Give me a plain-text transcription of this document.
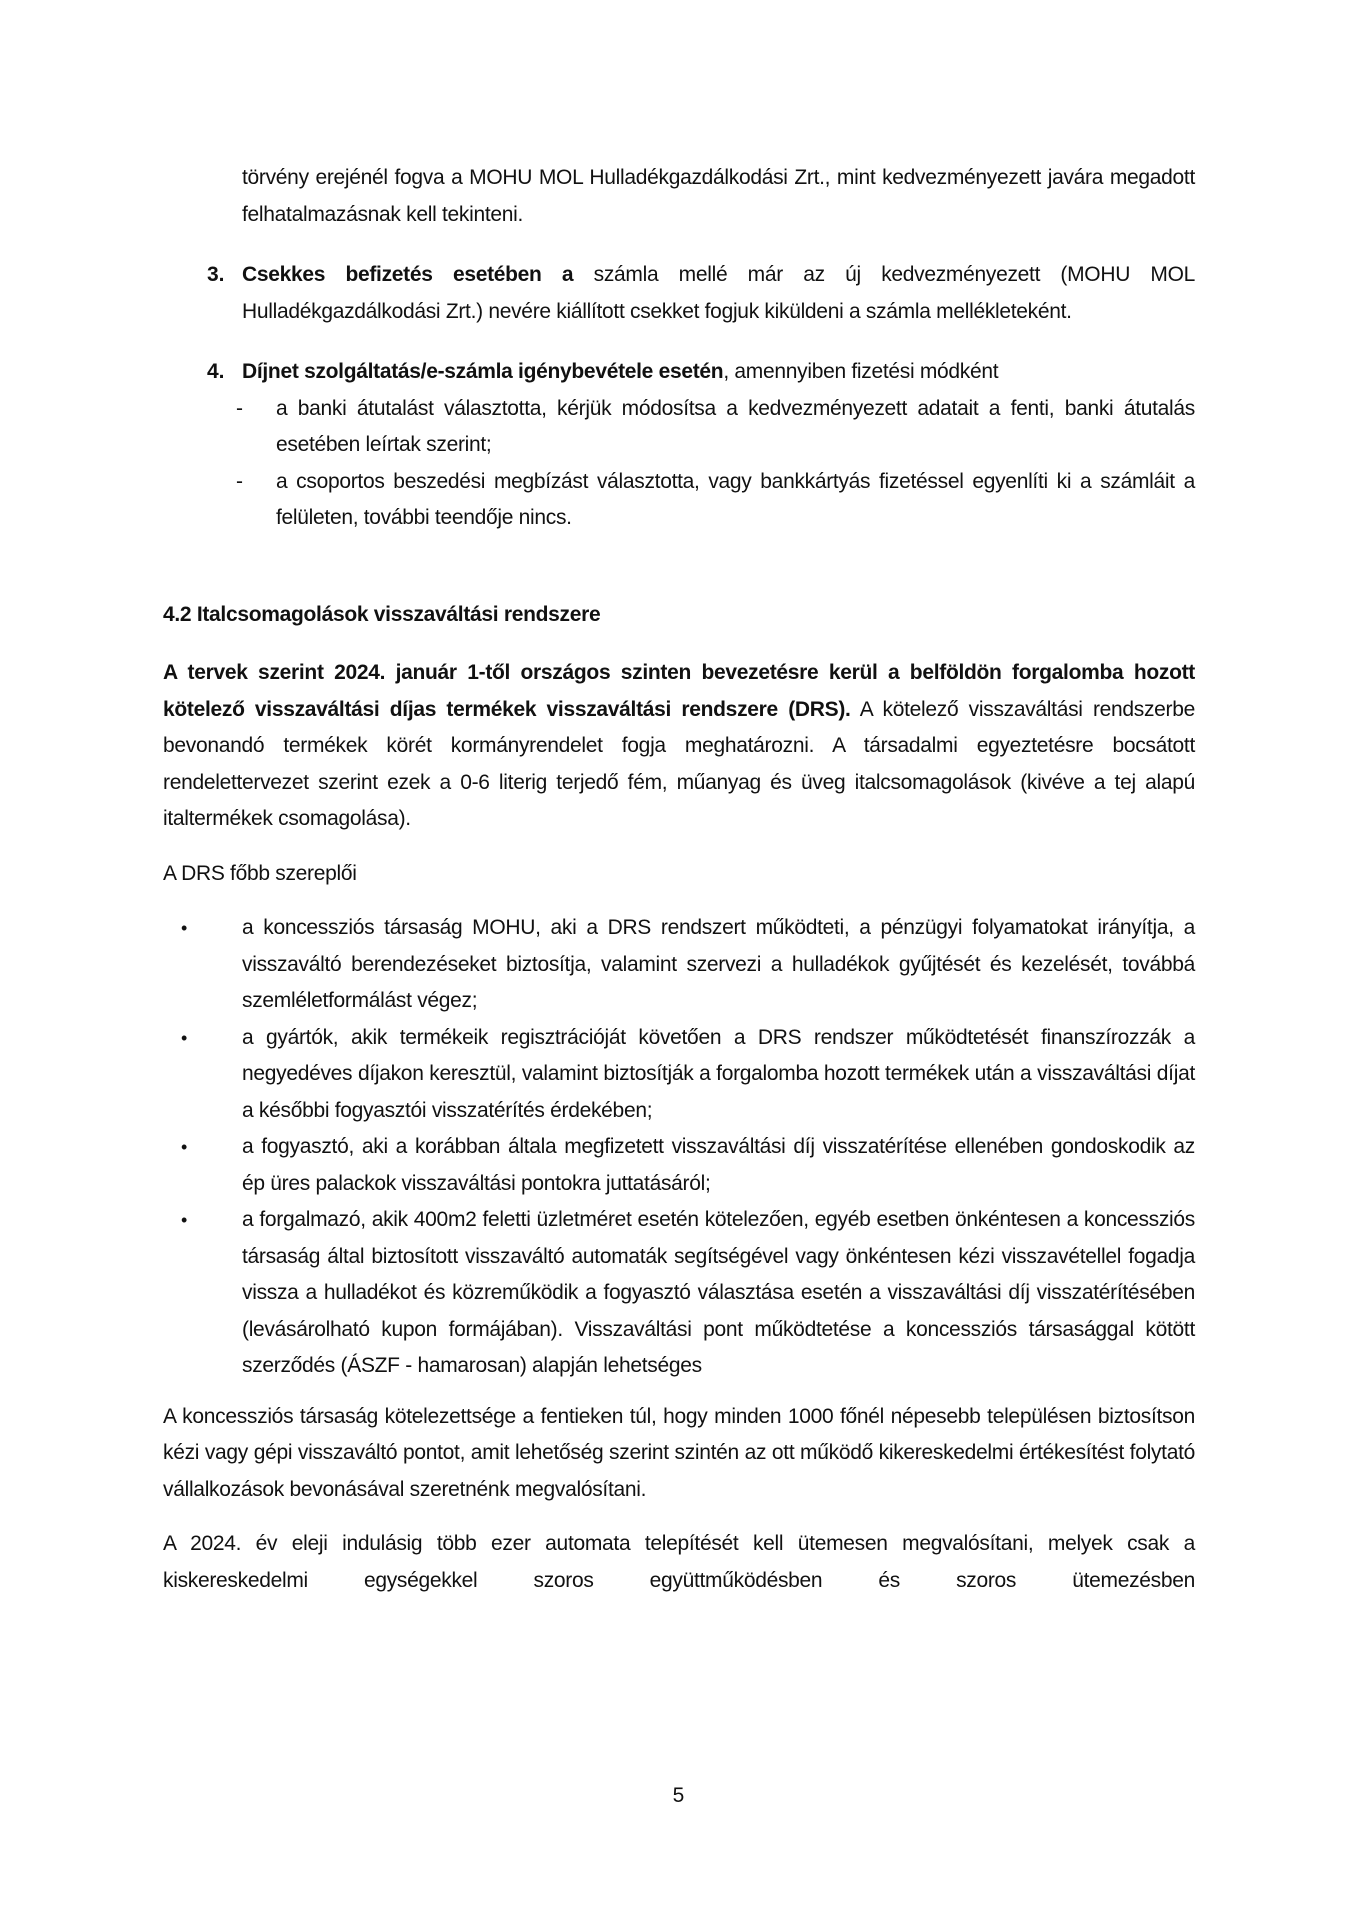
törvény erejénél fogva a MOHU MOL Hulladékgazdálkodási Zrt., mint kedvezményezett javára megadott felhatalmazásnak kell tekinteni.

3. Csekkes befizetés esetében a számla mellé már az új kedvezményezett (MOHU MOL Hulladékgazdálkodási Zrt.) nevére kiállított csekket fogjuk kiküldeni a számla mellékleteként.

4. Díjnet szolgáltatás/e-számla igénybevétele esetén, amennyiben fizetési módként

- a banki átutalást választotta, kérjük módosítsa a kedvezményezett adatait a fenti, banki átutalás esetében leírtak szerint;
- a csoportos beszedési megbízást választotta, vagy bankkártyás fizetéssel egyenlíti ki a számláit a felületen, további teendője nincs.
4.2 Italcsomagolások visszaváltási rendszere

A tervek szerint 2024. január 1-től országos szinten bevezetésre kerül a belföldön forgalomba hozott kötelező visszaváltási díjas termékek visszaváltási rendszere (DRS). A kötelező visszaváltási rendszerbe bevonandó termékek körét kormányrendelet fogja meghatározni. A társadalmi egyeztetésre bocsátott rendelettervezet szerint ezek a 0-6 literig terjedő fém, műanyag és üveg italcsomagolások (kivéve a tej alapú italtermékek csomagolása).

A DRS főbb szereplői

•	a koncessziós társaság MOHU, aki a DRS rendszert működteti, a pénzügyi folyamatokat irányítja, a visszaváltó berendezéseket biztosítja, valamint szervezi a hulladékok gyűjtését és kezelését, továbbá szemléletformálást végez;
•	a gyártók, akik termékeik regisztrációját követően a DRS rendszer működtetését finanszírozzák a negyedéves díjakon keresztül, valamint biztosítják a forgalomba hozott termékek után a visszaváltási díjat a későbbi fogyasztói visszatérítés érdekében;
•	a fogyasztó, aki a korábban általa megfizetett visszaváltási díj visszatérítése ellenében gondoskodik az ép üres palackok visszaváltási pontokra juttatásáról;
•	a forgalmazó, akik 400m2 feletti üzletméret esetén kötelezően, egyéb esetben önkéntesen a koncessziós társaság által biztosított visszaváltó automaták segítségével vagy önkéntesen kézi visszavétellel fogadja vissza a hulladékot és közreműködik a fogyasztó választása esetén a visszaváltási díj visszatérítésében (levásárolható kupon formájában). Visszaváltási pont működtetése a koncessziós társasággal kötött szerződés (ÁSZF - hamarosan) alapján lehetséges

A koncessziós társaság kötelezettsége a fentieken túl, hogy minden 1000 főnél népesebb településen biztosítson kézi vagy gépi visszaváltó pontot, amit lehetőség szerint szintén az ott működő kikereskedelmi értékesítést folytató vállalkozások bevonásával szeretnénk megvalósítani.

A 2024. év eleji indulásig több ezer automata telepítését kell ütemesen megvalósítani, melyek csak a kiskereskedelmi egységekkel szoros együttműködésben és szoros ütemezésben

5
